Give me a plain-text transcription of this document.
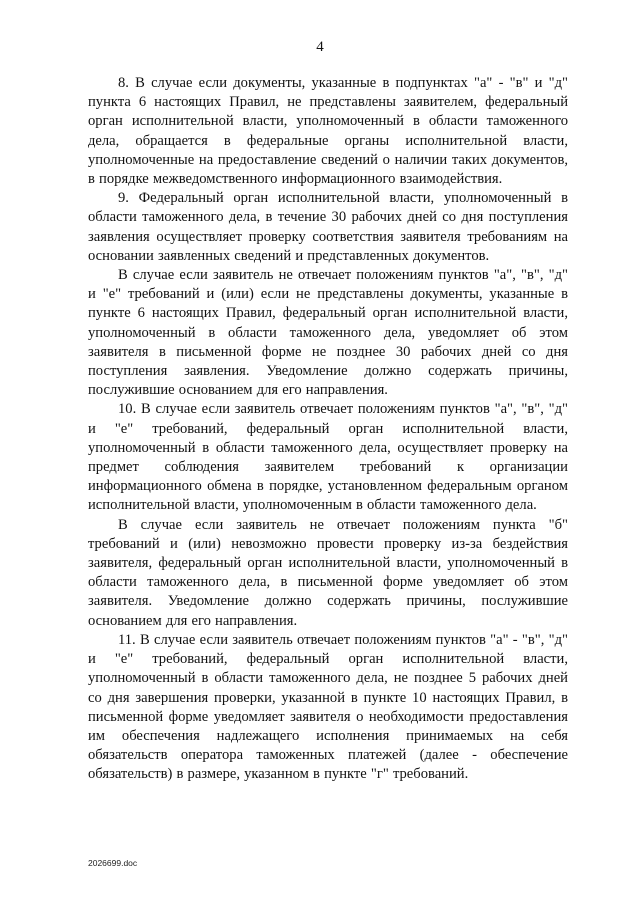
4

8. В случае если документы, указанные в подпунктах "а" - "в" и "д" пункта 6 настоящих Правил, не представлены заявителем, федеральный орган исполнительной власти, уполномоченный в области таможенного дела, обращается в федеральные органы исполнительной власти, уполномоченные на предоставление сведений о наличии таких документов, в порядке межведомственного информационного взаимодействия.

9. Федеральный орган исполнительной власти, уполномоченный в области таможенного дела, в течение 30 рабочих дней со дня поступления заявления осуществляет проверку соответствия заявителя требованиям на основании заявленных сведений и представленных документов.

В случае если заявитель не отвечает положениям пунктов "а", "в", "д" и "е" требований и (или) если не представлены документы, указанные в пункте 6 настоящих Правил, федеральный орган исполнительной власти, уполномоченный в области таможенного дела, уведомляет об этом заявителя в письменной форме не позднее 30 рабочих дней со дня поступления заявления. Уведомление должно содержать причины, послужившие основанием для его направления.

10. В случае если заявитель отвечает положениям пунктов "а", "в", "д" и "е" требований, федеральный орган исполнительной власти, уполномоченный в области таможенного дела, осуществляет проверку на предмет соблюдения заявителем требований к организации информационного обмена в порядке, установленном федеральным органом исполнительной власти, уполномоченным в области таможенного дела.

В случае если заявитель не отвечает положениям пункта "б" требований и (или) невозможно провести проверку из-за бездействия заявителя, федеральный орган исполнительной власти, уполномоченный в области таможенного дела, в письменной форме уведомляет об этом заявителя. Уведомление должно содержать причины, послужившие основанием для его направления.

11. В случае если заявитель отвечает положениям пунктов "а" - "в", "д" и "е" требований, федеральный орган исполнительной власти, уполномоченный в области таможенного дела, не позднее 5 рабочих дней со дня завершения проверки, указанной в пункте 10 настоящих Правил, в письменной форме уведомляет заявителя о необходимости предоставления им обеспечения надлежащего исполнения принимаемых на себя обязательств оператора таможенных платежей (далее - обеспечение обязательств) в размере, указанном в пункте "г" требований.

2026699.doc
